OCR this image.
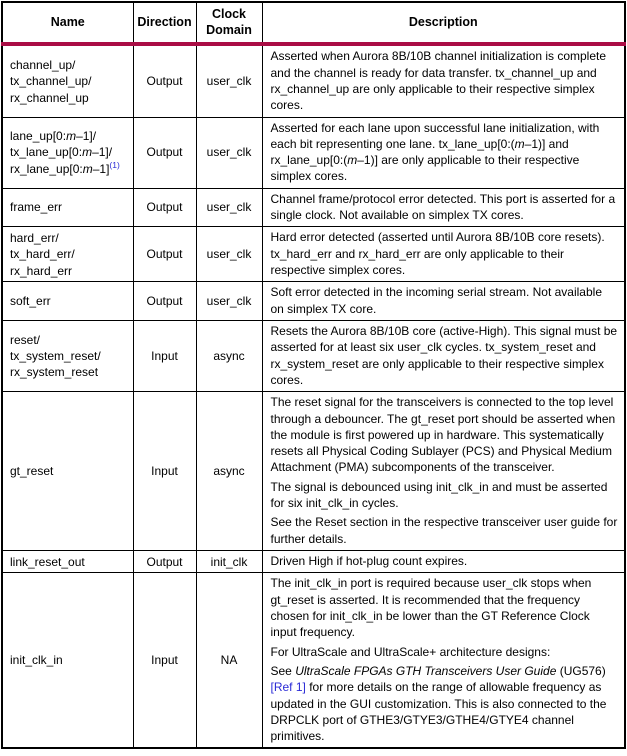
Name	Direction	Clock Domain	Description
channel_up/
tx_channel_up/
rx_channel_up	Output	user_clk	Asserted when Aurora 8B/10B channel initialization is complete and the channel is ready for data transfer. tx_channel_up and rx_channel_up are only applicable to their respective simplex cores.

lane_up[0:m–1]/
tx_lane_up[0:m–1]/
rx_lane_up[0:m–1]$^{(1)}$	Output	user_clk	Asserted for each lane upon successful lane initialization, with each bit representing one lane. tx_lane_up[0:(m–1)] and rx_lane_up[0:(m–1)] are only applicable to their respective simplex cores.

frame_err	Output	user_clk	Channel frame/protocol error detected. This port is asserted for a single clock. Not available on simplex TX cores.

hard_err/
tx_hard_err/
rx_hard_err	Output	user_clk	Hard error detected (asserted until Aurora 8B/10B core resets). tx_hard_err and rx_hard_err are only applicable to their respective simplex cores.

soft_err	Output	user_clk	Soft error detected in the incoming serial stream. Not available on simplex TX core.

reset/
tx_system_reset/
rx_system_reset	Input	async	Resets the Aurora 8B/10B core (active-High). This signal must be asserted for at least six user_clk cycles. tx_system_reset and rx_system_reset are only applicable to their respective simplex cores.

gt_reset	Input	async	The reset signal for the transceivers is connected to the top level through a debouncer. The gt_reset port should be asserted when the module is first powered up in hardware. This systematically resets all Physical Coding Sublayer (PCS) and Physical Medium Attachment (PMA) subcomponents of the transceiver.

The signal is debounced using init_clk_in and must be asserted for six init_clk_in cycles.

See the Reset section in the respective transceiver user guide for further details.

link_reset_out	Output	init_clk	Driven High if hot-plug count expires.

init_clk_in	Input	NA	The init_clk_in port is required because user_clk stops when gt_reset is asserted. It is recommended that the frequency chosen for init_clk_in be lower than the GT Reference Clock input frequency.

For UltraScale and UltraScale+ architecture designs:

See UltraScale FPGAs GTH Transceivers User Guide (UG576) [Ref 1] for more details on the range of allowable frequency as updated in the GUI customization. This is also connected to the DRPCLK port of GTHE3/GTYE3/GTHE4/GTYE4 channel primitives.
